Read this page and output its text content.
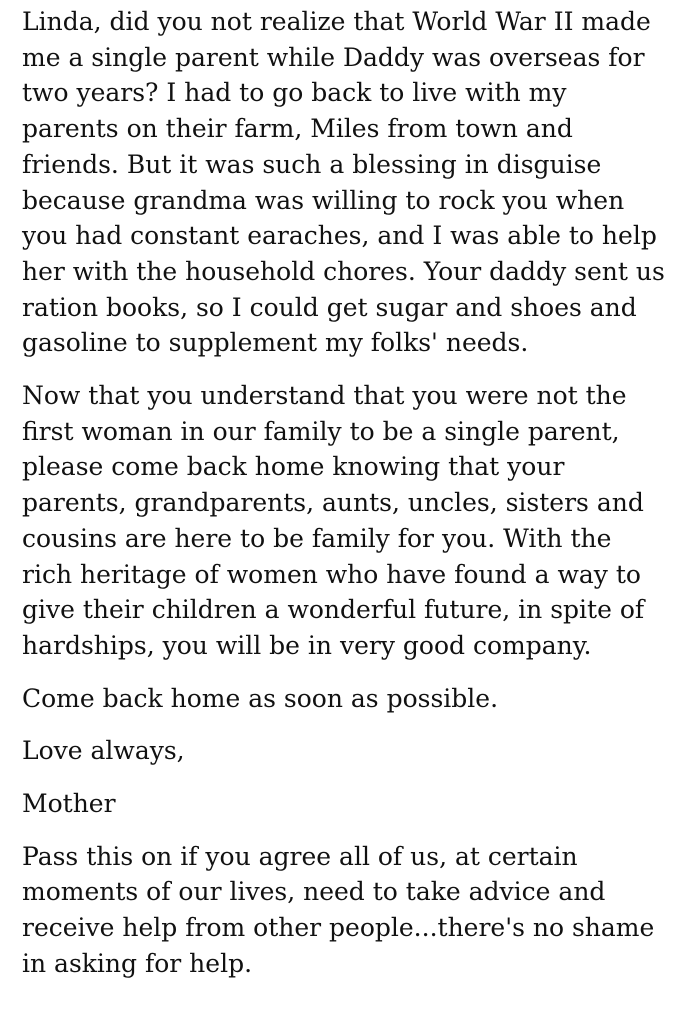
Linda, did you not realize that World War II made
me a single parent while Daddy was overseas for
two years? I had to go back to live with my
parents on their farm, Miles from town and
friends. But it was such a blessing in disguise
because grandma was willing to rock you when
you had constant earaches, and I was able to help
her with the household chores. Your daddy sent us
ration books, so I could get sugar and shoes and
gasoline to supplement my folks' needs.

Now that you understand that you were not the
first woman in our family to be a single parent,
please come back home knowing that your
parents, grandparents, aunts, uncles, sisters and
cousins are here to be family for you. With the
rich heritage of women who have found a way to
give their children a wonderful future, in spite of
hardships, you will be in very good company.

Come back home as soon as possible.

Love always,

Mother

Pass this on if you agree all of us, at certain
moments of our lives, need to take advice and
receive help from other people...there's no shame
in asking for help.
